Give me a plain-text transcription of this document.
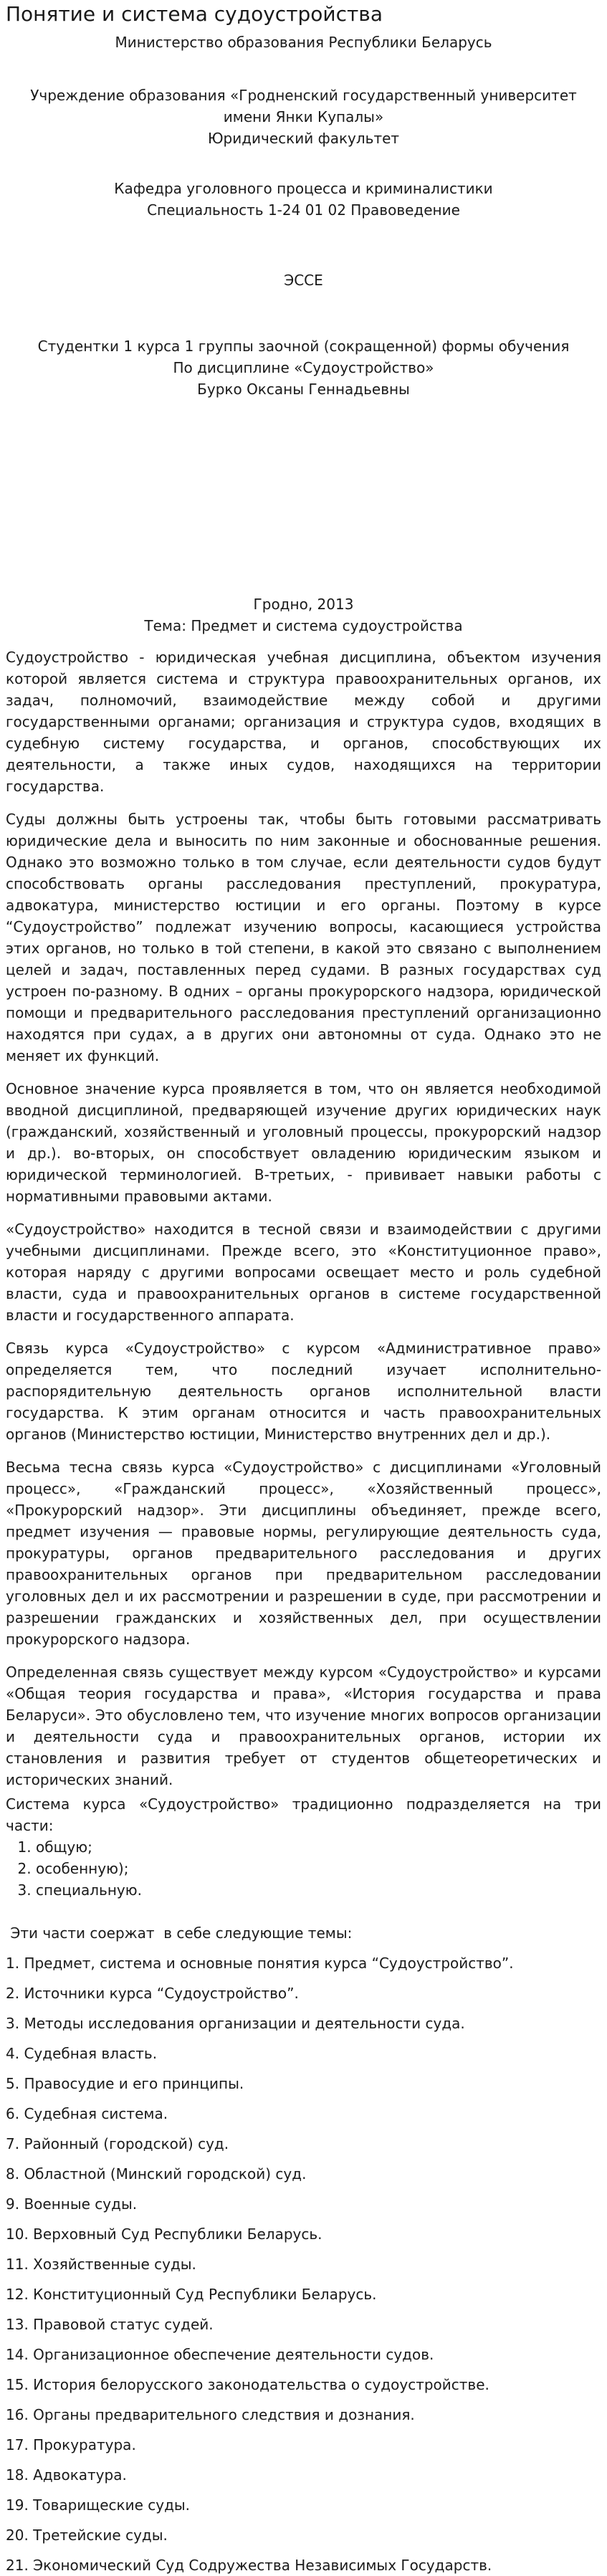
Понятие и система судоустройства

Министерство образования Республики Беларусь

Учреждение образования «Гродненский государственный университет

имени Янки Купалы»

Юридический факультет

Кафедра уголовного процесса и криминалистики

Специальность 1-24 01 02 Правоведение

ЭССЕ

Студентки 1 курса 1 группы заочной (сокращенной) формы обучения

По дисциплине «Судоустройство»

Бурко Оксаны Геннадьевны

Гродно, 2013

Тема: Предмет и система судоустройства

Судоустройство - юридическая учебная дисциплина, объектом изучения которой является система и структура правоохранительных органов, их задач, полномочий, взаимодействие между собой и другими государственными органами; организация и структура судов, входящих в судебную систему государства, и органов, способствующих их деятельности, а также иных судов, находящихся на территории государства.

Суды должны быть устроены так, чтобы быть готовыми рассматривать юридические дела и выносить по ним законные и обоснованные решения. Однако это возможно только в том случае, если деятельности судов будут способствовать органы расследования преступлений, прокуратура, адвокатура, министерство юстиции и его органы. Поэтому в курсе “Судоустройство” подлежат изучению вопросы, касающиеся устройства этих органов, но только в той степени, в какой это связано с выполнением целей и задач, поставленных перед судами. В разных государствах суд устроен по-разному. В одних – органы прокурорского надзора, юридической помощи и предварительного расследования преступлений организационно находятся при судах, а в других они автономны от суда. Однако это не меняет их функций.

Основное значение курса проявляется в том, что он является необходимой вводной дисциплиной, предваряющей изучение других юридических наук (гражданский, хозяйственный и уголовный процессы, прокурорский надзор и др.). во-вторых, он способствует овладению юридическим языком и юридической терминологией. В-третьих, - прививает навыки работы с нормативными правовыми актами.

«Судоустройство» находится в тесной связи и взаимодействии с другими учебными дисциплинами. Прежде всего, это «Конституционное право», которая наряду с другими вопросами освещает место и роль судебной власти, суда и правоохранительных органов в системе государственной власти и государственного аппарата.

Связь курса «Судоустройство» с курсом «Административное право» определяется тем, что последний изучает исполнительно-распорядительную деятельность органов исполнительной власти государства. К этим органам относится и часть правоохранительных органов (Министерство юстиции, Министерство внутренних дел и др.).

Весьма тесна связь курса «Судоустройство» с дисциплинами «Уголовный процесс», «Гражданский процесс», «Хозяйственный процесс», «Прокурорский надзор». Эти дисциплины объединяет, прежде всего, предмет изучения — правовые нормы, регулирующие деятельность суда, прокуратуры, органов предварительного расследования и других правоохранительных органов при предварительном расследовании уголовных дел и их рассмотрении и разрешении в суде, при рассмотрении и разрешении гражданских и хозяйственных дел, при осуществлении прокурорского надзора.

Определенная связь существует между курсом «Судоустройство» и курсами «Общая теория государства и права», «История государства и права Беларуси». Это обусловлено тем, что изучение многих вопросов организации и деятельности суда и правоохранительных органов, истории их становления и развития требует от студентов общетеоретических и исторических знаний.

Система курса «Судоустройство» традиционно подразделяется на три части:

1. общую;
2. особенную);
3. специальную.

Эти части соержат  в себе следующие темы:

1. Предмет, система и основные понятия курса “Судоустройство”.

2. Источники курса “Судоустройство”.

3. Методы исследования организации и деятельности суда.

4. Судебная власть.

5. Правосудие и его принципы.

6. Судебная система.

7. Районный (городской) суд.

8. Областной (Минский городской) суд.

9. Военные суды.

10. Верховный Суд Республики Беларусь.

11. Хозяйственные суды.

12. Конституционный Суд Республики Беларусь.

13. Правовой статус судей.

14. Организационное обеспечение деятельности судов.

15. История белорусского законодательства о судоустройстве.

16. Органы предварительного следствия и дознания.

17. Прокуратура.

18. Адвокатура.

19. Товарищеские суды.

20. Третейские суды.

21. Экономический Суд Содружества Независимых Государств.
